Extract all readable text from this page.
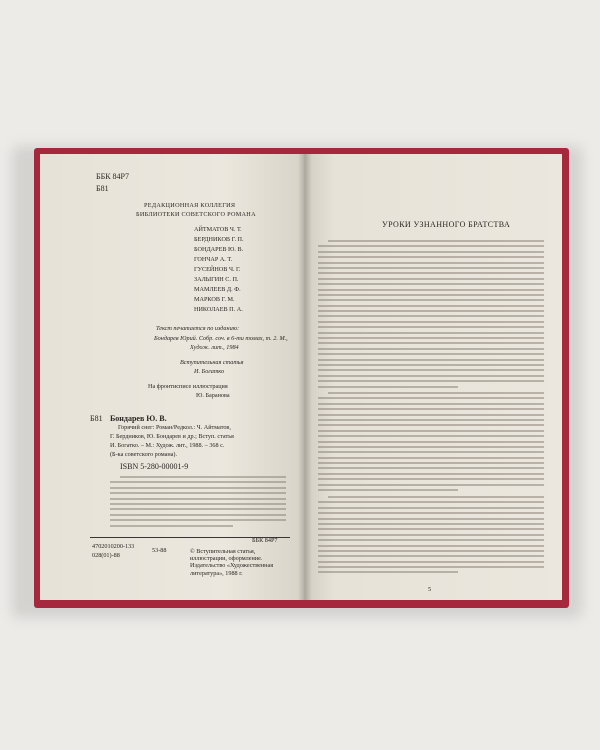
ББК 84Р7
Б81
РЕДАКЦИОННАЯ КОЛЛЕГИЯ
БИБЛИОТЕКИ СОВЕТСКОГО РОМАНА
АЙТМАТОВ Ч. Т.
БЕРДНИКОВ Г. П.
БОНДАРЕВ Ю. В.
ГОНЧАР А. Т.
ГУСЕЙНОВ Ч. Г.
ЗАЛЫГИН С. П.
МАМЛЕЕВ Д. Ф.
МАРКОВ Г. М.
НИКОЛАЕВ П. А.
Текст печатается по изданию:
Бондарев Юрий. Собр. соч. в 6-ти томах, т. 2. М.,
Худож. лит., 1984
Вступительная статья
И. Богатко
На фронтисписе иллюстрация
Ю. Баранова
Б81 Бондарев Ю. В.
Горячий снег: Роман/Редкол.: Ч. Айтматов,
Г. Бердников, Ю. Бондарев и др.; Вступ. статья
И. Богатко. – М.: Худож. лит., 1988. – 368 с.
(Б-ка советского романа).
ISBN 5-280-00001-9
4702010200-133
028(01)-88
53-88
ББК 84Р7
© Вступительная статья, иллюстрации, оформление. Издательство «Художественная литература», 1988 г.
УРОКИ УЗНАННОГО БРАТСТВА
5
